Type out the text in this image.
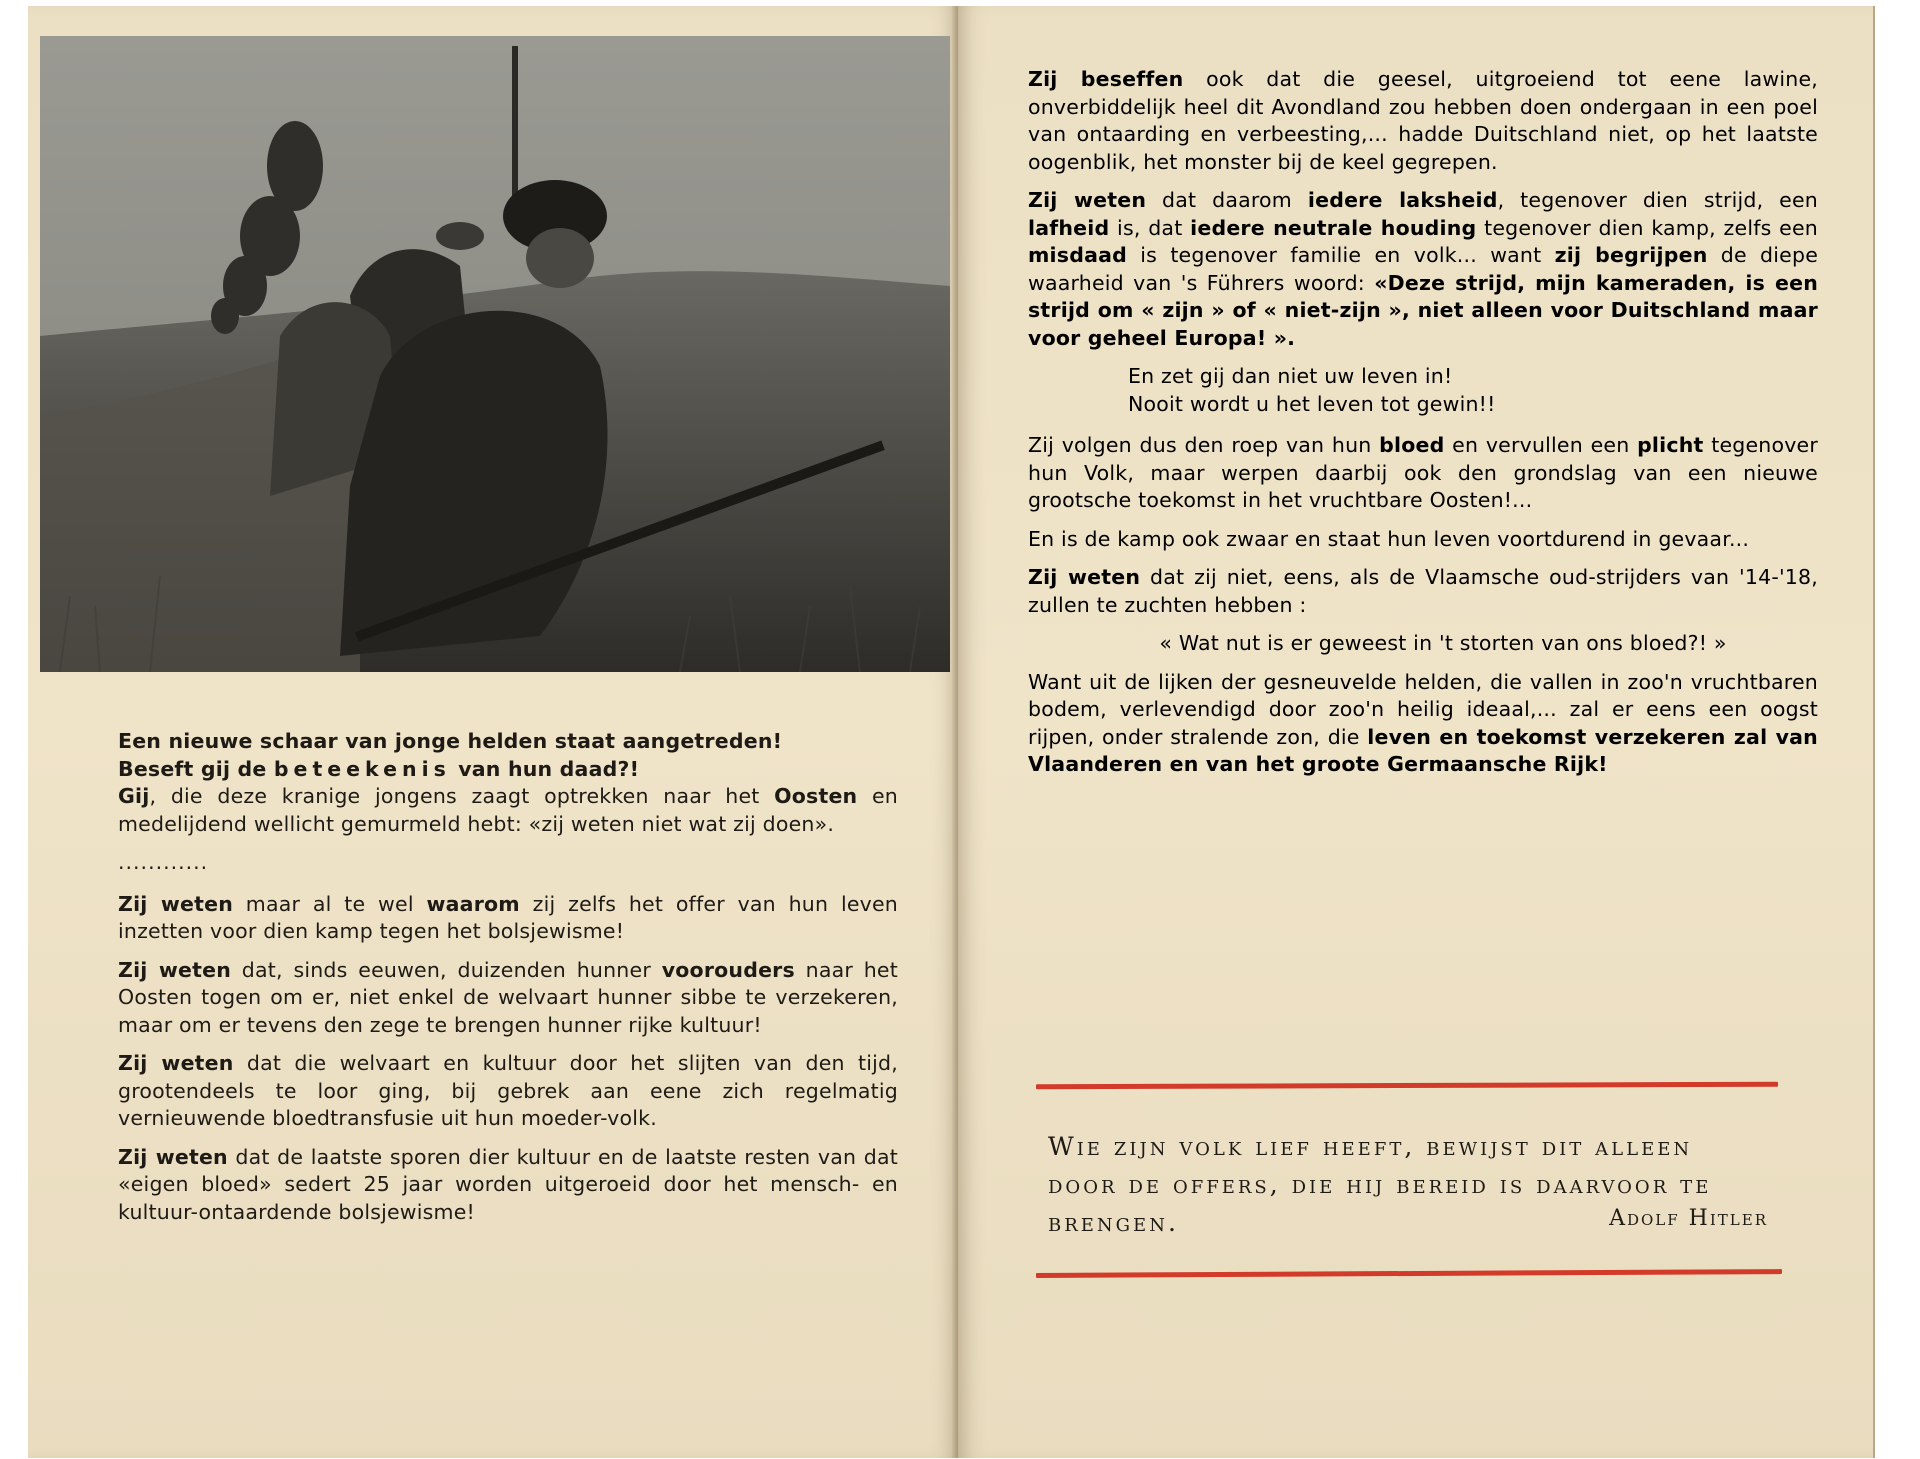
Een nieuwe schaar van jonge helden staat aangetreden!
Beseft gij de beteekenis van hun daad?!

Gij, die deze kranige jongens zaagt optrekken naar het Oosten en medelijdend wellicht gemurmeld hebt: «zij weten niet wat zij doen».

............

Zij weten maar al te wel waarom zij zelfs het offer van hun leven inzetten voor dien kamp tegen het bolsjewisme!

Zij weten dat, sinds eeuwen, duizenden hunner voorouders naar het Oosten togen om er, niet enkel de welvaart hunner sibbe te verzekeren, maar om er tevens den zege te brengen hunner rijke kultuur!

Zij weten dat die welvaart en kultuur door het slijten van den tijd, grootendeels te loor ging, bij gebrek aan eene zich regelmatig vernieuwende bloedtransfusie uit hun moeder-volk.

Zij weten dat de laatste sporen dier kultuur en de laatste resten van dat «eigen bloed» sedert 25 jaar worden uitgeroeid door het mensch- en kultuur-ontaardende bolsjewisme!

Zij beseffen ook dat die geesel, uitgroeiend tot eene lawine, onverbiddelijk heel dit Avondland zou hebben doen ondergaan in een poel van ontaarding en verbeesting,... hadde Duitschland niet, op het laatste oogenblik, het monster bij de keel gegrepen.

Zij weten dat daarom iedere laksheid, tegenover dien strijd, een lafheid is, dat iedere neutrale houding tegenover dien kamp, zelfs een misdaad is tegenover familie en volk... want zij begrijpen de diepe waarheid van 's Führers woord: «Deze strijd, mijn kameraden, is een strijd om « zijn » of « niet-zijn », niet alleen voor Duitschland maar voor geheel Europa! ».

En zet gij dan niet uw leven in!
Nooit wordt u het leven tot gewin!!

Zij volgen dus den roep van hun bloed en vervullen een plicht tegenover hun Volk, maar werpen daarbij ook den grondslag van een nieuwe grootsche toekomst in het vruchtbare Oosten!...

En is de kamp ook zwaar en staat hun leven voortdurend in gevaar...

Zij weten dat zij niet, eens, als de Vlaamsche oud-strijders van '14-'18, zullen te zuchten hebben :

« Wat nut is er geweest in 't storten van ons bloed?! »

Want uit de lijken der gesneuvelde helden, die vallen in zoo'n vruchtbaren bodem, verlevendigd door zoo'n heilig ideaal,... zal er eens een oogst rijpen, onder stralende zon, die leven en toekomst verzekeren zal van Vlaanderen en van het groote Germaansche Rijk!

Wie zijn volk lief heeft, bewijst dit alleen door de offers, die hij bereid is daarvoor te brengen.	Adolf Hitler
